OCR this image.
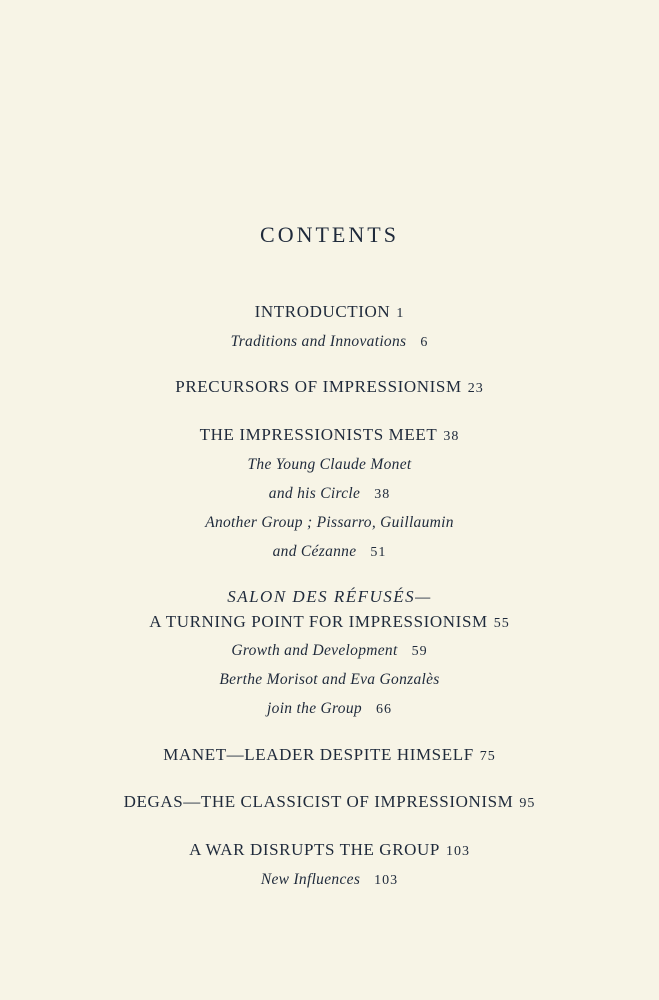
CONTENTS
INTRODUCTION 1
Traditions and Innovations 6
PRECURSORS OF IMPRESSIONISM 23
THE IMPRESSIONISTS MEET 38
The Young Claude Monet
and his Circle 38
Another Group ; Pissarro, Guillaumin
and Cézanne 51
SALON DES RÉFUSÉS—
A TURNING POINT FOR IMPRESSIONISM 55
Growth and Development 59
Berthe Morisot and Eva Gonzalès
join the Group 66
MANET—LEADER DESPITE HIMSELF 75
DEGAS—THE CLASSICIST OF IMPRESSIONISM 95
A WAR DISRUPTS THE GROUP 103
New Influences 103
